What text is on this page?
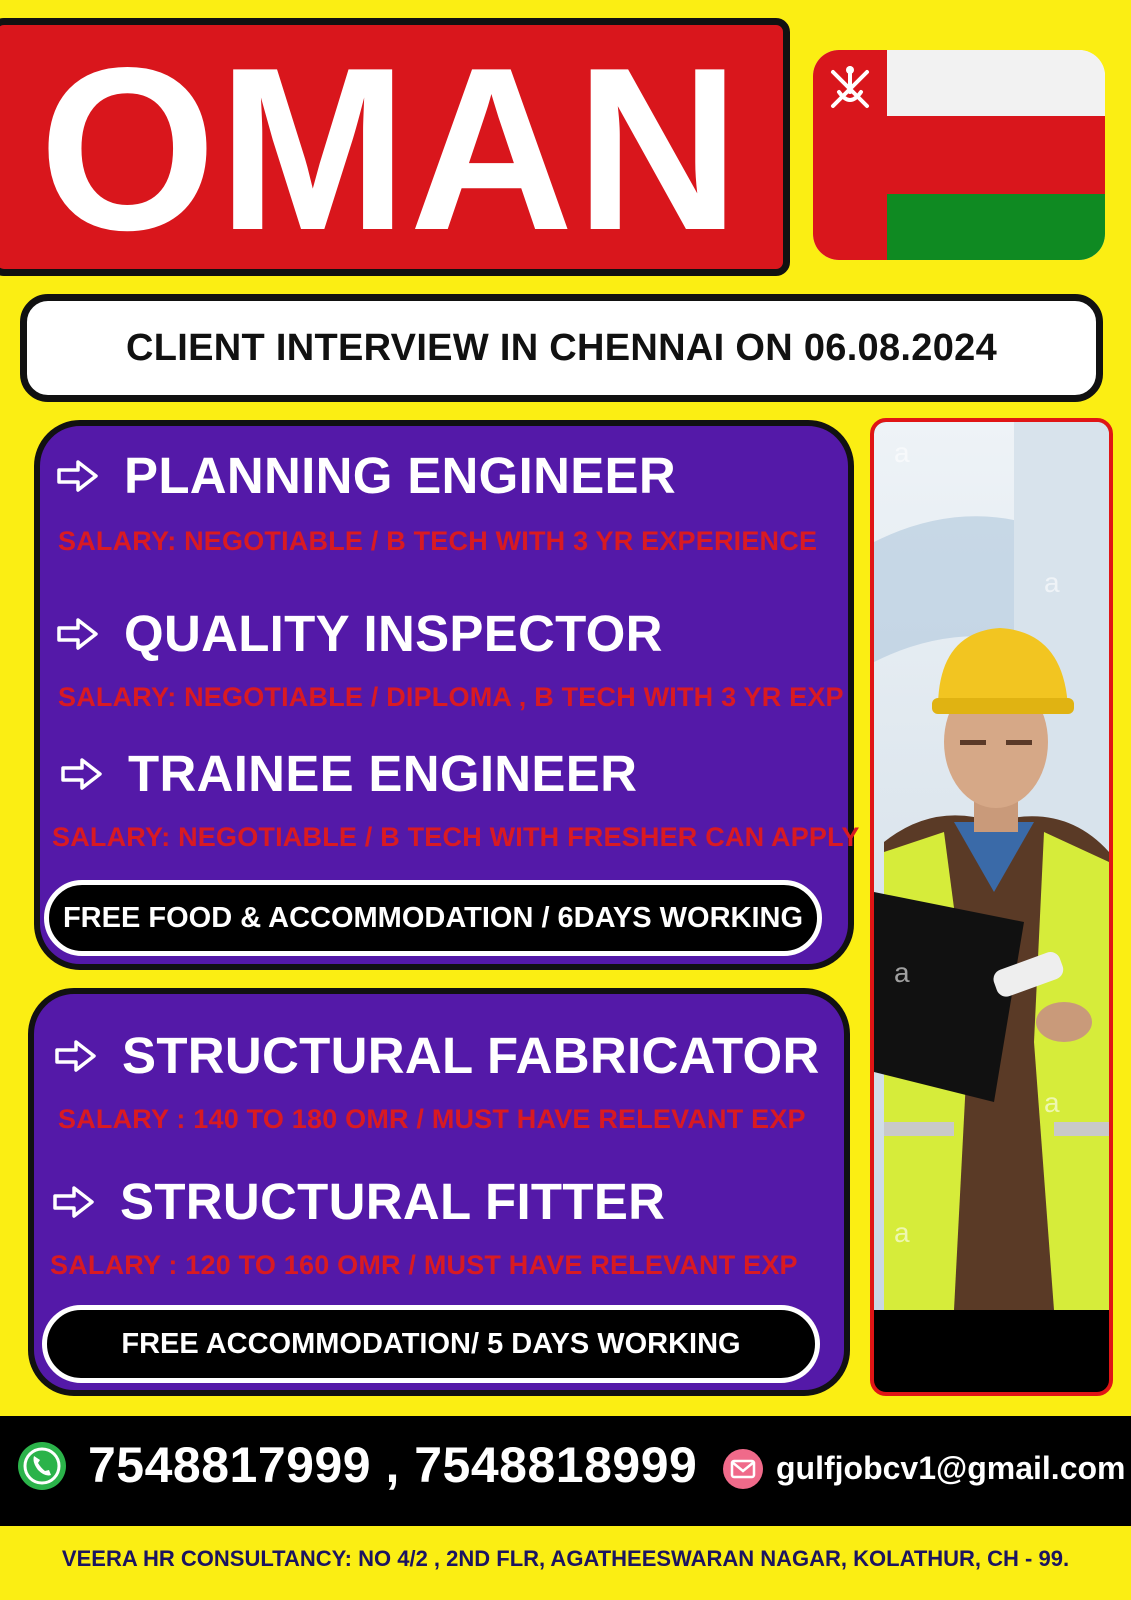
OMAN
CLIENT INTERVIEW IN CHENNAI ON 06.08.2024
PLANNING ENGINEER
SALARY: NEGOTIABLE / B TECH WITH 3 YR EXPERIENCE
QUALITY INSPECTOR
SALARY: NEGOTIABLE / DIPLOMA , B TECH WITH 3 YR EXP
TRAINEE ENGINEER
SALARY: NEGOTIABLE / B TECH WITH FRESHER CAN APPLY
FREE FOOD & ACCOMMODATION / 6DAYS WORKING
STRUCTURAL FABRICATOR
SALARY : 140 TO 180 OMR / MUST HAVE RELEVANT EXP
STRUCTURAL FITTER
SALARY : 120 TO 160 OMR / MUST HAVE RELEVANT EXP
FREE ACCOMMODATION/ 5 DAYS WORKING
a
a
a
a
a
7548817999 , 7548818999 gulfjobcv1@gmail.com
VEERA HR CONSULTANCY: NO 4/2 , 2ND FLR, AGATHEESWARAN NAGAR, KOLATHUR, CH - 99.
